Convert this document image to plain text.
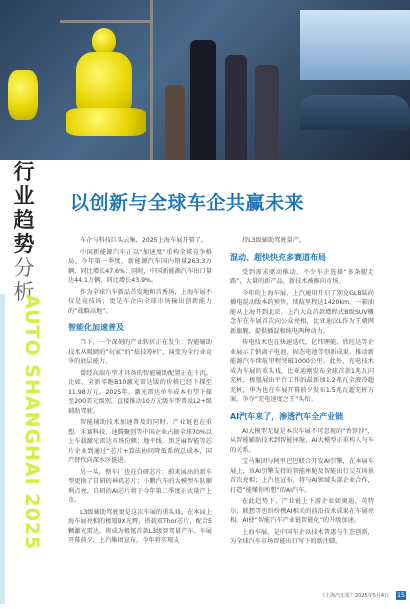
行
业
趋
势
分
析
AUTO SHANGHAI 2025
以创新与全球车企共赢未来

车企与科技巨头云集，2025上海车展开幕了。

中国新能源汽车正以“加速度”重构全球竞争格局。今年第一季度，新能源汽车国内销量263.3万辆，同比增长47.6%；同时，中国新能源汽车出口量达44.1万辆，同比增长43.9%。

作为全球汽车新品首发地和首秀场，上海车展不仅是竞技场，更是车企向全球市场输出创新能力的“战略高地”。

智能化加速普及

当下，一个深刻的产业转折正在发生：智能辅助技术从吸睛的“玩家”的“炫技筹码”，演变为全行业竞争的底层能力。

曾经高端车型才具备的智能辅助配置正在下沉。比如，全新零跑B10激光雷达版的价格已经下探至11.98万元。2025年，激光雷达单车成本有望下探至200美元级别，直接推动10万元级车型普及L2+级辅助驾驶。

智能辅助技术加速普及的同时，产业链也在重塑。禾赛科技、速腾聚创等中国企业占据全球70%以上车载激光雷达市场份额；地平线、黑芝麻智能等芯片企业到通过“芯片+算法协同降低系统总成本，国产替代向深水区挺进。

另一头，整车厂也在自研芯片：蔚来展出的新车型更换了自研的神玑芯片；小鹏汽车的大模型车队顺利点亮，自研的AI芯片将于今年第二季度正式量产上市。

L3级辅助驾驶更是这次车展的重头戏。在本届上海车展亮相的极氪9X光辉，搭载双Thor芯片，配合5颗激光雷达，将成为极氪首款L3级智驾量产车。车展开幕前夕，上汽集团宣布，今年将实现支

持L3级辅助驾驶量产。

混动、超快快充多赛道布局

受到需求驱动推动，不少车企选择“多条腿走路”，大量的新产品，新技术被推向市场。

今年的上海车展，上汽通用开启了别克GL8陆尚插电混动版本的预售，续航里程达1420km，一箱油能从上海开到北京。上汽大众首款增程式B级SUV概念车在车展首次向公众亮相，比亚迪汉L作为王朝网新旗舰，提供插混和纯电两种动力。

传电技术也在快速迭代。亿纬锂能、欣旺达等企业展示了钠离子电池、固态电池等创新成果，推动新能源汽车续航里程突破1000公里。此外，充电技术成为车展的重头戏，比亚迪刚发布全球首款1兆瓦闪充桩，极氪展出平台工作的最新加1.2兆瓦全液冷超充桩，华为也在车展开幕前夕发布1.5兆瓦超充桩方案，争夺“充电速度之王”头衔。

AI汽车来了，渗透汽车全产业链

AI大模型无疑是本次车展不可忽视的“香饽饽”，从智能辅助技术到智能座舱，AI大模型正重构人与车的关系。

宝马集团与阿里巴巴联合开发AI引擎，在本届车展上，该AI引擎支持的智能座舱及智能出行交互场景首次亮相；上汽也宣布，将与AI领域头部企业合作，打造“能懂你所想”的AI汽车。

在此趋势下，产业链上下游企业如奥迪、英特尔、联想等也纷纷携AI相关的前沿技术成果在车展亮相。AI使“智能汽车产业链智能化”的升级加速。

上海车展，是中国车企以技术普惠与生态创新，为全球汽车市场智能出行写下的新注脚。

《上海汽车报》2025年5月4日 15
